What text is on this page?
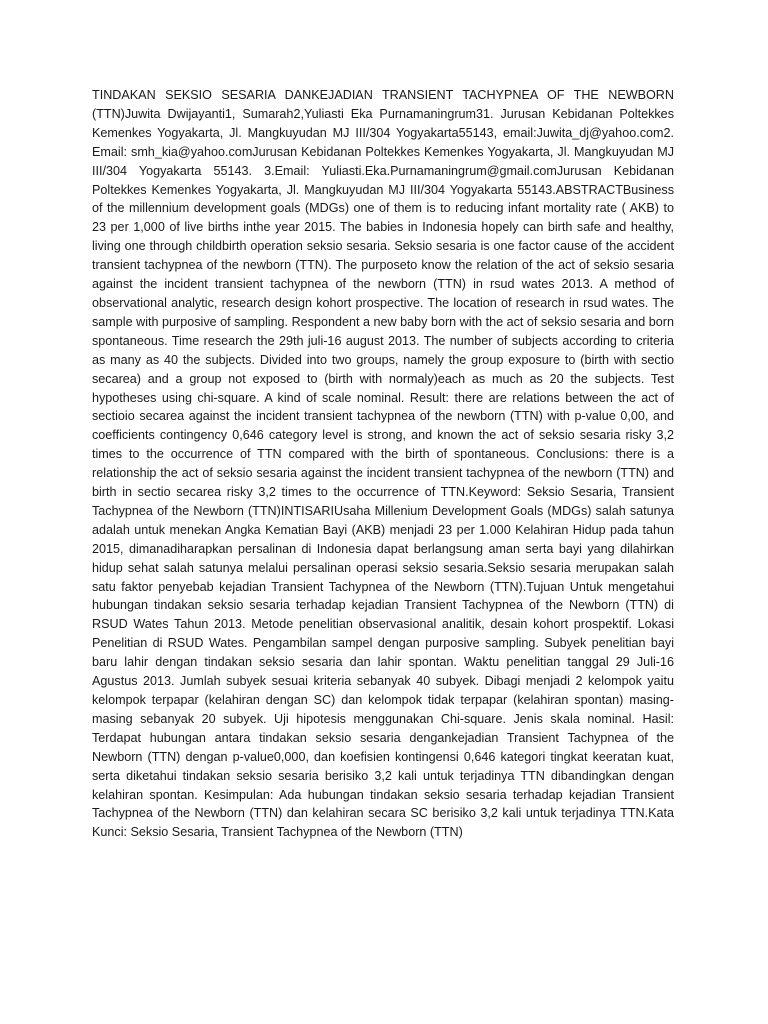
TINDAKAN SEKSIO SESARIA DANKEJADIAN TRANSIENT TACHYPNEA OF THE NEWBORN (TTN)Juwita Dwijayanti1, Sumarah2,Yuliasti Eka Purnamaningrum31. Jurusan Kebidanan Poltekkes Kemenkes Yogyakarta, Jl. Mangkuyudan MJ III/304 Yogyakarta55143, email:Juwita_dj@yahoo.com2. Email: smh_kia@yahoo.comJurusan Kebidanan Poltekkes Kemenkes Yogyakarta, Jl. Mangkuyudan MJ III/304 Yogyakarta 55143. 3.Email: Yuliasti.Eka.Purnamaningrum@gmail.comJurusan Kebidanan Poltekkes Kemenkes Yogyakarta, Jl. Mangkuyudan MJ III/304 Yogyakarta 55143.ABSTRACTBusiness of the millennium development goals (MDGs) one of them is to reducing infant mortality rate ( AKB) to 23 per 1,000 of live births inthe year 2015. The babies in Indonesia hopely can birth safe and healthy, living one through childbirth operation seksio sesaria. Seksio sesaria is one factor cause of the accident transient tachypnea of the newborn (TTN). The purposeto know the relation of the act of seksio sesaria against the incident transient tachypnea of the newborn (TTN) in rsud wates 2013. A method of observational analytic, research design kohort prospective. The location of research in rsud wates. The sample with purposive of sampling. Respondent a new baby born with the act of seksio sesaria and born spontaneous. Time research the 29th juli-16 august 2013. The number of subjects according to criteria as many as 40 the subjects. Divided into two groups, namely the group exposure to (birth with sectio secarea) and a group not exposed to (birth with normaly)each as much as 20 the subjects. Test hypotheses using chi-square. A kind of scale nominal. Result: there are relations between the act of sectioio secarea against the incident transient tachypnea of the newborn (TTN) with p-value 0,00, and coefficients contingency 0,646 category level is strong, and known the act of seksio sesaria risky 3,2 times to the occurrence of TTN compared with the birth of spontaneous. Conclusions: there is a relationship the act of seksio sesaria against the incident transient tachypnea of the newborn (TTN) and birth in sectio secarea risky 3,2 times to the occurrence of TTN.Keyword: Seksio Sesaria, Transient Tachypnea of the Newborn (TTN)INTISARIUsaha Millenium Development Goals (MDGs) salah satunya adalah untuk menekan Angka Kematian Bayi (AKB) menjadi 23 per 1.000 Kelahiran Hidup pada tahun 2015, dimanadiharapkan persalinan di Indonesia dapat berlangsung aman serta bayi yang dilahirkan hidup sehat salah satunya melalui persalinan operasi seksio sesaria.Seksio sesaria merupakan salah satu faktor penyebab kejadian Transient Tachypnea of the Newborn (TTN).Tujuan Untuk mengetahui hubungan tindakan seksio sesaria terhadap kejadian Transient Tachypnea of the Newborn (TTN) di RSUD Wates Tahun 2013. Metode penelitian observasional analitik, desain kohort prospektif. Lokasi Penelitian di RSUD Wates. Pengambilan sampel dengan purposive sampling. Subyek penelitian bayi baru lahir dengan tindakan seksio sesaria dan lahir spontan. Waktu penelitian tanggal 29 Juli-16 Agustus 2013. Jumlah subyek sesuai kriteria sebanyak 40 subyek. Dibagi menjadi 2 kelompok yaitu kelompok terpapar (kelahiran dengan SC) dan kelompok tidak terpapar (kelahiran spontan) masing-masing sebanyak 20 subyek. Uji hipotesis menggunakan Chi-square. Jenis skala nominal. Hasil: Terdapat hubungan antara tindakan seksio sesaria dengankejadian Transient Tachypnea of the Newborn (TTN) dengan p-value0,000, dan koefisien kontingensi 0,646 kategori tingkat keeratan kuat, serta diketahui tindakan seksio sesaria berisiko 3,2 kali untuk terjadinya TTN dibandingkan dengan kelahiran spontan. Kesimpulan: Ada hubungan tindakan seksio sesaria terhadap kejadian Transient Tachypnea of the Newborn (TTN) dan kelahiran secara SC berisiko 3,2 kali untuk terjadinya TTN.Kata Kunci: Seksio Sesaria, Transient Tachypnea of the Newborn (TTN)
